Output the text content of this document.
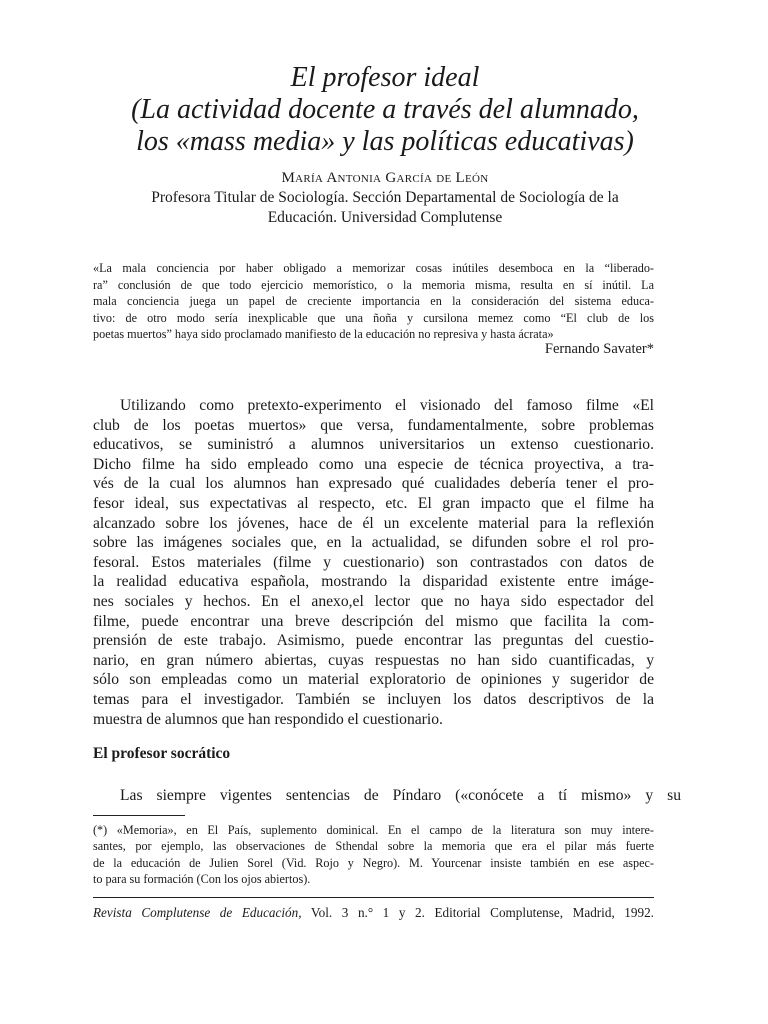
El profesor ideal
(La actividad docente a través del alumnado,
los «mass media» y las políticas educativas)
María Antonia García de León
Profesora Titular de Sociología. Sección Departamental de Sociología de la
Educación. Universidad Complutense
«La mala conciencia por haber obligado a memorizar cosas inútiles desemboca en la “liberado-
ra” conclusión de que todo ejercicio memorístico, o la memoria misma, resulta en sí inútil. La
mala conciencia juega un papel de creciente importancia en la consideración del sistema educa-
tivo: de otro modo sería inexplicable que una ñoña y cursilona memez como “El club de los
poetas muertos” haya sido proclamado manifiesto de la educación no represiva y hasta ácrata»
Fernando Savater*
Utilizando como pretexto-experimento el visionado del famoso filme «El
club de los poetas muertos» que versa, fundamentalmente, sobre problemas
educativos, se suministró a alumnos universitarios un extenso cuestionario.
Dicho filme ha sido empleado como una especie de técnica proyectiva, a tra-
vés de la cual los alumnos han expresado qué cualidades debería tener el pro-
fesor ideal, sus expectativas al respecto, etc. El gran impacto que el filme ha
alcanzado sobre los jóvenes, hace de él un excelente material para la reflexión
sobre las imágenes sociales que, en la actualidad, se difunden sobre el rol pro-
fesoral. Estos materiales (filme y cuestionario) son contrastados con datos de
la realidad educativa española, mostrando la disparidad existente entre imáge-
nes sociales y hechos. En el anexo,el lector que no haya sido espectador del
filme, puede encontrar una breve descripción del mismo que facilita la com-
prensión de este trabajo. Asimismo, puede encontrar las preguntas del cuestio-
nario, en gran número abiertas, cuyas respuestas no han sido cuantificadas, y
sólo son empleadas como un material exploratorio de opiniones y sugeridor de
temas para el investigador. También se incluyen los datos descriptivos de la
muestra de alumnos que han respondido el cuestionario.
El profesor socrático
Las siempre vigentes sentencias de Píndaro («conócete a tí mismo» y su
(*) «Memoria», en El País, suplemento dominical. En el campo de la literatura son muy intere-
santes, por ejemplo, las observaciones de Sthendal sobre la memoria que era el pilar más fuerte
de la educación de Julien Sorel (Vid. Rojo y Negro). M. Yourcenar insiste también en ese aspec-
to para su formación (Con los ojos abiertos).
Revista Complutense de Educación, Vol. 3 n.° 1 y 2. Editorial Complutense, Madrid, 1992.
